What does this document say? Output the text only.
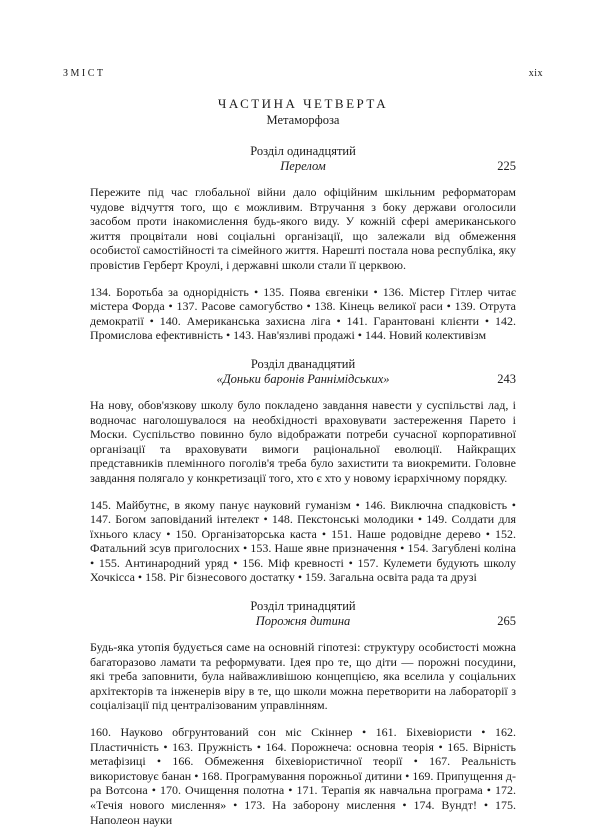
ЗМІСТ	xix
ЧАСТИНА ЧЕТВЕРТА
Метаморфоза
Розділ одинадцятий
Перелом	225

Пережите під час глобальної війни дало офіційним шкільним реформаторам чудове відчуття того, що є можливим. Втручання з боку держави оголосили засобом проти інакомислення будь-якого виду. У кожній сфері американського життя процвітали нові соціальні організації, що залежали від обмеження особистої самостійності та сімейного життя. Нарешті постала нова республіка, яку провістив Герберт Кроулі, і державні школи стали її церквою.

134. Боротьба за однорідність • 135. Поява євгеніки • 136. Містер Гітлер читає містера Форда • 137. Расове самогубство • 138. Кінець великої раси • 139. Отрута демократії • 140. Американська захисна ліга • 141. Гарантовані клієнти • 142. Промислова ефективність • 143. Нав'язливі продажі • 144. Новий колективізм

Розділ дванадцятий
«Доньки баронів Раннімідських»	243

На нову, обов'язкову школу було покладено завдання навести у суспільстві лад, і водночас наголошувалося на необхідності враховувати застереження Парето і Моски. Суспільство повинно було відображати потреби сучасної корпоративної організації та враховувати вимоги раціональної еволюції. Найкращих представників племінного поголів'я треба було захистити та виокремити. Головне завдання полягало у конкретизації того, хто є хто у новому ієрархічному порядку.

145. Майбутнє, в якому панує науковий гуманізм • 146. Виключна спадковість • 147. Богом заповіданий інтелект • 148. Пекстонські молодики • 149. Солдати для їхнього класу • 150. Організаторська каста • 151. Наше родовідне дерево • 152. Фатальний зсув приголосних • 153. Наше явне призначення • 154. Загублені коліна • 155. Антинародний уряд • 156. Міф кревності • 157. Кулемети будують школу Хочкісса • 158. Ріг бізнесового достатку • 159. Загальна освіта рада та друзі

Розділ тринадцятий
Порожня дитина	265

Будь-яка утопія будується саме на основній гіпотезі: структуру особистості можна багаторазово ламати та реформувати. Ідея про те, що діти — порожні посудини, які треба заповнити, була найважливішою концепцією, яка вселила у соціальних архітекторів та інженерів віру в те, що школи можна перетворити на лабораторії з соціалізації під централізованим управлінням.

160. Науково обгрунтований сон міс Скіннер • 161. Біхевіористи • 162. Пластичність • 163. Пружність • 164. Порожнеча: основна теорія • 165. Вірність метафізиці • 166. Обмеження біхевіористичної теорії • 167. Реальність використовує банан • 168. Програмування порожньої дитини • 169. Припущення д-ра Вотсона • 170. Очищення полотна • 171. Терапія як навчальна програма • 172. «Течія нового мислення» • 173. На заборону мислення • 174. Вундт! • 175. Наполеон науки
